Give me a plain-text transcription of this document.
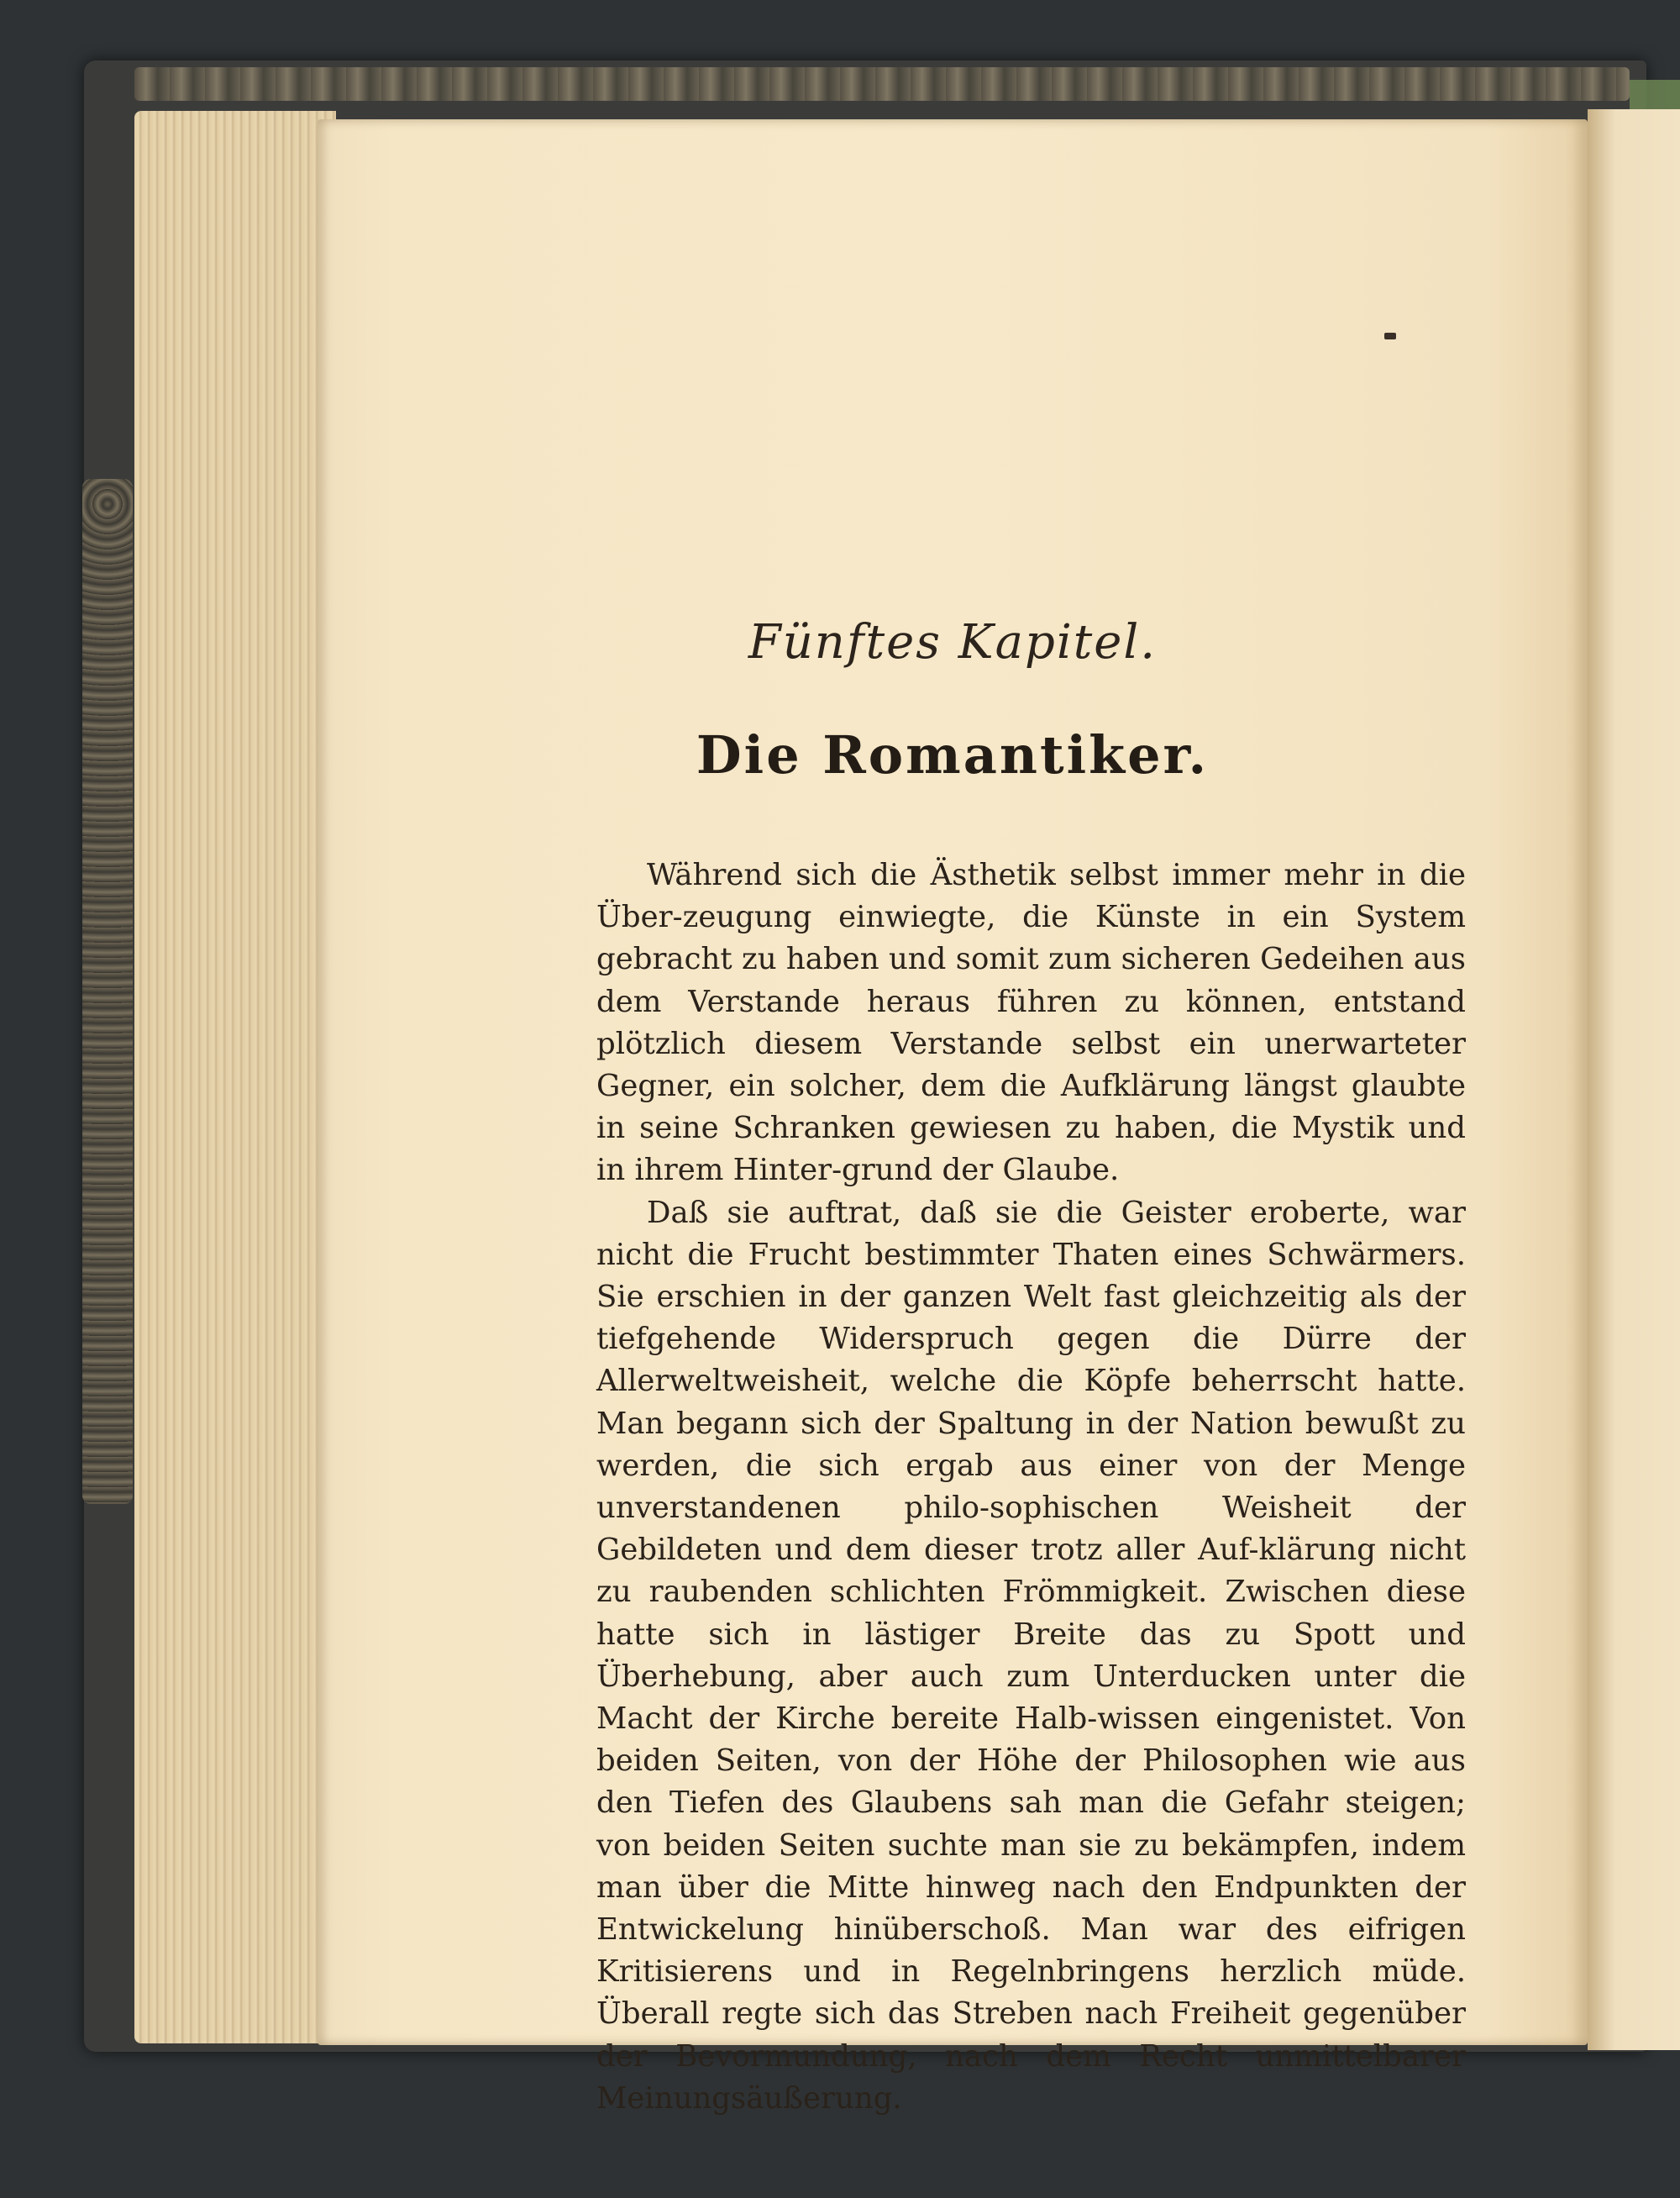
Fünftes Kapitel.
Die Romantiker.

Während sich die Ästhetik selbst immer mehr in die Über-zeugung einwiegte, die Künste in ein System gebracht zu haben und somit zum sicheren Gedeihen aus dem Verstande heraus führen zu können, entstand plötzlich diesem Verstande selbst ein unerwarteter Gegner, ein solcher, dem die Aufklärung längst glaubte in seine Schranken gewiesen zu haben, die Mystik und in ihrem Hinter-grund der Glaube.

Daß sie auftrat, daß sie die Geister eroberte, war nicht die Frucht bestimmter Thaten eines Schwärmers. Sie erschien in der ganzen Welt fast gleichzeitig als der tiefgehende Widerspruch gegen die Dürre der Allerweltweisheit, welche die Köpfe beherrscht hatte. Man begann sich der Spaltung in der Nation bewußt zu werden, die sich ergab aus einer von der Menge unverstandenen philo-sophischen Weisheit der Gebildeten und dem dieser trotz aller Auf-klärung nicht zu raubenden schlichten Frömmigkeit. Zwischen diese hatte sich in lästiger Breite das zu Spott und Überhebung, aber auch zum Unterducken unter die Macht der Kirche bereite Halb-wissen eingenistet. Von beiden Seiten, von der Höhe der Philosophen wie aus den Tiefen des Glaubens sah man die Gefahr steigen; von beiden Seiten suchte man sie zu bekämpfen, indem man über die Mitte hinweg nach den Endpunkten der Entwickelung hinüberschoß. Man war des eifrigen Kritisierens und in Regelnbringens herzlich müde. Überall regte sich das Streben nach Freiheit gegenüber der Bevormundung, nach dem Recht unmittelbarer Meinungsäußerung.
